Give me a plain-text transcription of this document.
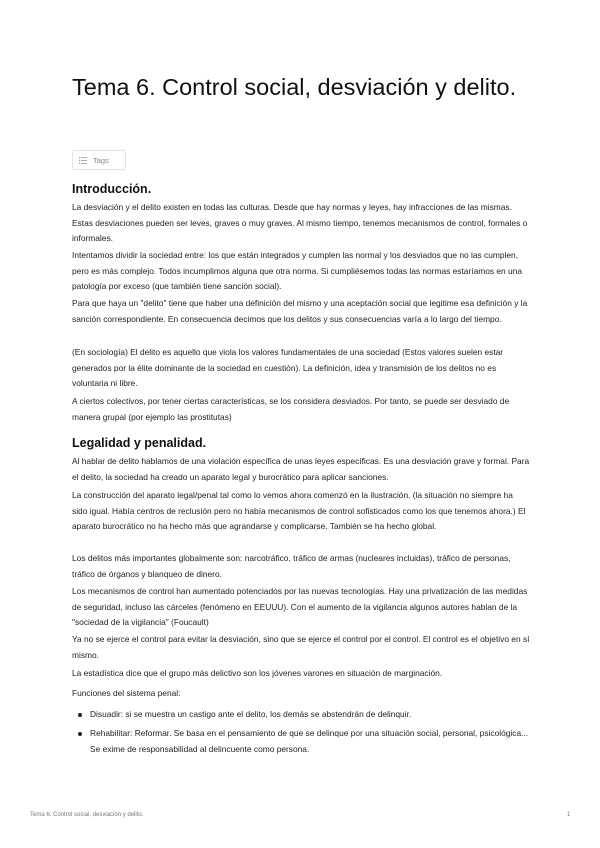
Tema 6. Control social, desviación y delito.
Tags
Introducción.

La desviación y el delito existen en todas las culturas. Desde que hay normas y leyes, hay infracciones de las mismas. Estas desviaciones pueden ser leves, graves o muy graves. Al mismo tiempo, tenemos mecanismos de control, formales o informales.

Intentamos dividir la sociedad entre: los que están integrados y cumplen las normal y los desviados que no las cumplen, pero es más complejo. Todos incumplimos alguna que otra norma. Si cumpliésemos todas las normas estaríamos en una patología por exceso (que también tiene sanción social).

Para que haya un "delito" tiene que haber una definición del mismo y una aceptación social que legitime esa definición y la sanción correspondiente. En consecuencia decimos que los delitos y sus consecuencias varía a lo largo del tiempo.

(En sociología) El delito es aquello que viola los valores fundamentales de una sociedad (Estos valores suelen estar generados por la élite dominante de la sociedad en cuestión). La definición, idea y transmisión de los delitos no es voluntaria ni libre.

A ciertos colectivos, por tener ciertas características, se los considera desviados. Por tanto, se puede ser desviado de manera grupal (por ejemplo las prostitutas)

Legalidad y penalidad.

Al hablar de delito hablamos de una violación específica de unas leyes específicas. Es una desviación grave y formal. Para el delito, la sociedad ha creado un aparato legal y burocrático para aplicar sanciones.

La construcción del aparato legal/penal tal como lo vemos ahora comenzó en la ilustración. (la situación no siempre ha sido igual. Había centros de reclusión pero no había mecanismos de control sofisticados como los que tenemos ahora.) El aparato burocrático no ha hecho más que agrandarse y complicarse. También se ha hecho global.

Los delitos más importantes globalmente son: narcotráfico, tráfico de armas (nucleares incluidas), tráfico de personas, tráfico de órganos y blanqueo de dinero.

Los mecanismos de control han aumentado potenciados por las nuevas tecnologías. Hay una privatización de las medidas de seguridad, incluso las cárceles (fenómeno en EEUUU). Con el aumento de la vigilancia algunos autores hablan de la "sociedad de la vigilancia" (Foucault)

Ya no se ejerce el control para evitar la desviación, sino que se ejerce el control por el control. El control es el objetivo en sí mismo.

La estadística dice que el grupo más delictivo son los jóvenes varones en situación de marginación.

Funciones del sistema penal:

Disuadir: si se muestra un castigo ante el delito, los demás se abstendrán de delinquir.
Rehabilitar: Reformar. Se basa en el pensamiento de que se delinque por una situación social, personal, psicológica... Se exime de responsabilidad al delincuente como persona.
Tema 6. Control social, desviación y delito.	1
